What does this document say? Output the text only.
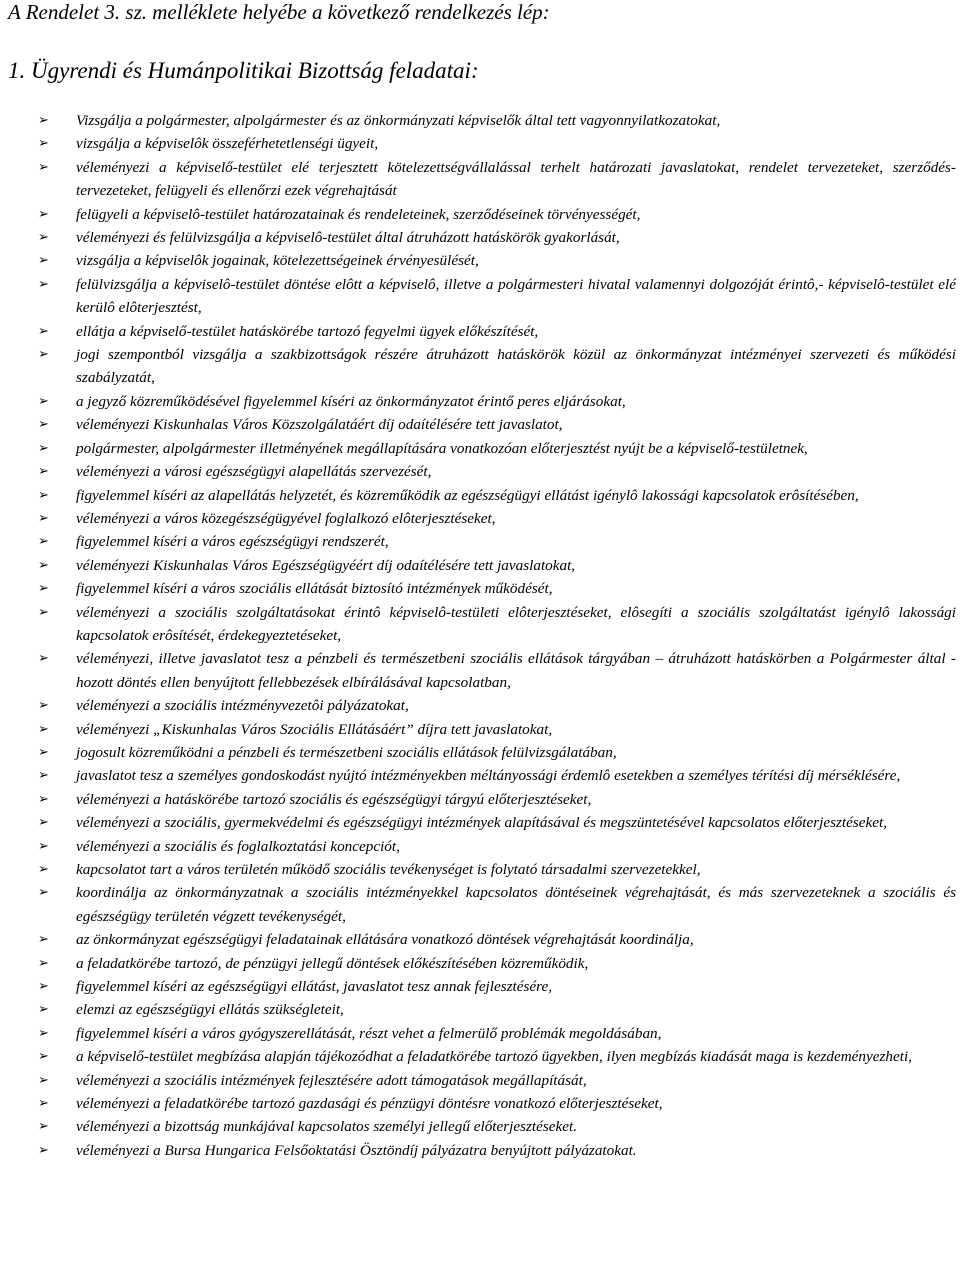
A Rendelet 3. sz. melléklete helyébe a következő rendelkezés lép:

1. Ügyrendi és Humánpolitikai Bizottság feladatai:

➢ Vizsgálja a polgármester, alpolgármester és az önkormányzati képviselők által tett vagyonnyilatkozatokat,
➢ vizsgálja a képviselôk összeférhetetlenségi ügyeit,
➢ véleményezi a képviselő-testület elé terjesztett kötelezettségvállalással terhelt határozati javaslatokat, rendelet tervezeteket, szerződés-tervezeteket, felügyeli és ellenőrzi ezek végrehajtását
➢ felügyeli a képviselô-testület határozatainak és rendeleteinek, szerződéseinek törvényességét,
➢ véleményezi és felülvizsgálja a képviselô-testület által átruházott hatáskörök gyakorlását,
➢ vizsgálja a képviselôk jogainak, kötelezettségeinek érvényesülését,
➢ felülvizsgálja a képviselô-testület döntése elôtt a képviselô, illetve a polgármesteri hivatal valamennyi dolgozóját érintô,- képviselô-testület elé kerülô elôterjesztést,
➢ ellátja a képviselő-testület hatáskörébe tartozó fegyelmi ügyek előkészítését,
➢ jogi szempontból vizsgálja a szakbizottságok részére átruházott hatáskörök közül az önkormányzat intézményei szervezeti és működési szabályzatát,
➢ a jegyző közreműködésével figyelemmel kíséri az önkormányzatot érintő peres eljárásokat,
➢ véleményezi Kiskunhalas Város Közszolgálatáért díj odaítélésére tett javaslatot,
➢ polgármester, alpolgármester illetményének megállapítására vonatkozóan előterjesztést nyújt be a képviselő-testületnek,
➢ véleményezi a városi egészségügyi alapellátás szervezését,
➢ figyelemmel kíséri az alapellátás helyzetét, és közreműködik az egészségügyi ellátást igénylô lakossági kapcsolatok erôsítésében,
➢ véleményezi a város közegészségügyével foglalkozó elôterjesztéseket,
➢ figyelemmel kíséri a város egészségügyi rendszerét,
➢ véleményezi Kiskunhalas Város Egészségügyéért díj odaítélésére tett javaslatokat,
➢ figyelemmel kíséri a város szociális ellátását biztosító intézmények működését,
➢ véleményezi a szociális szolgáltatásokat érintô képviselô-testületi elôterjesztéseket, elôsegíti a szociális szolgáltatást igénylô lakossági kapcsolatok erôsítését, érdekegyeztetéseket,
➢ véleményezi, illetve javaslatot tesz a pénzbeli és természetbeni szociális ellátások tárgyában – átruházott hatáskörben a Polgármester által - hozott döntés ellen benyújtott fellebbezések elbírálásával kapcsolatban,
➢ véleményezi a szociális intézményvezetôi pályázatokat,
➢ véleményezi „Kiskunhalas Város Szociális Ellátásáért” díjra tett javaslatokat,
➢ jogosult közreműködni a pénzbeli és természetbeni szociális ellátások felülvizsgálatában,
➢ javaslatot tesz a személyes gondoskodást nyújtó intézményekben méltányossági érdemlô esetekben a személyes térítési díj mérséklésére,
➢ véleményezi a hatáskörébe tartozó szociális és egészségügyi tárgyú előterjesztéseket,
➢ véleményezi a szociális, gyermekvédelmi és egészségügyi intézmények alapításával és megszüntetésével kapcsolatos előterjesztéseket,
➢ véleményezi a szociális és foglalkoztatási koncepciót,
➢ kapcsolatot tart a város területén működő szociális tevékenységet is folytató társadalmi szervezetekkel,
➢ koordinálja az önkormányzatnak a szociális intézményekkel kapcsolatos döntéseinek végrehajtását, és más szervezeteknek a szociális és egészségügy területén végzett tevékenységét,
➢ az önkormányzat egészségügyi feladatainak ellátására vonatkozó döntések végrehajtását koordinálja,
➢ a feladatkörébe tartozó, de pénzügyi jellegű döntések előkészítésében közreműködik,
➢ figyelemmel kíséri az egészségügyi ellátást, javaslatot tesz annak fejlesztésére,
➢ elemzi az egészségügyi ellátás szükségleteit,
➢ figyelemmel kíséri a város gyógyszerellátását, részt vehet a felmerülő problémák megoldásában,
➢ a képviselő-testület megbízása alapján tájékozódhat a feladatkörébe tartozó ügyekben, ilyen megbízás kiadását maga is kezdeményezheti,
➢ véleményezi a szociális intézmények fejlesztésére adott támogatások megállapítását,
➢ véleményezi a feladatkörébe tartozó gazdasági és pénzügyi döntésre vonatkozó előterjesztéseket,
➢ véleményezi a bizottság munkájával kapcsolatos személyi jellegű előterjesztéseket.
➢ véleményezi a Bursa Hungarica Felsőoktatási Ösztöndíj pályázatra benyújtott pályázatokat.
